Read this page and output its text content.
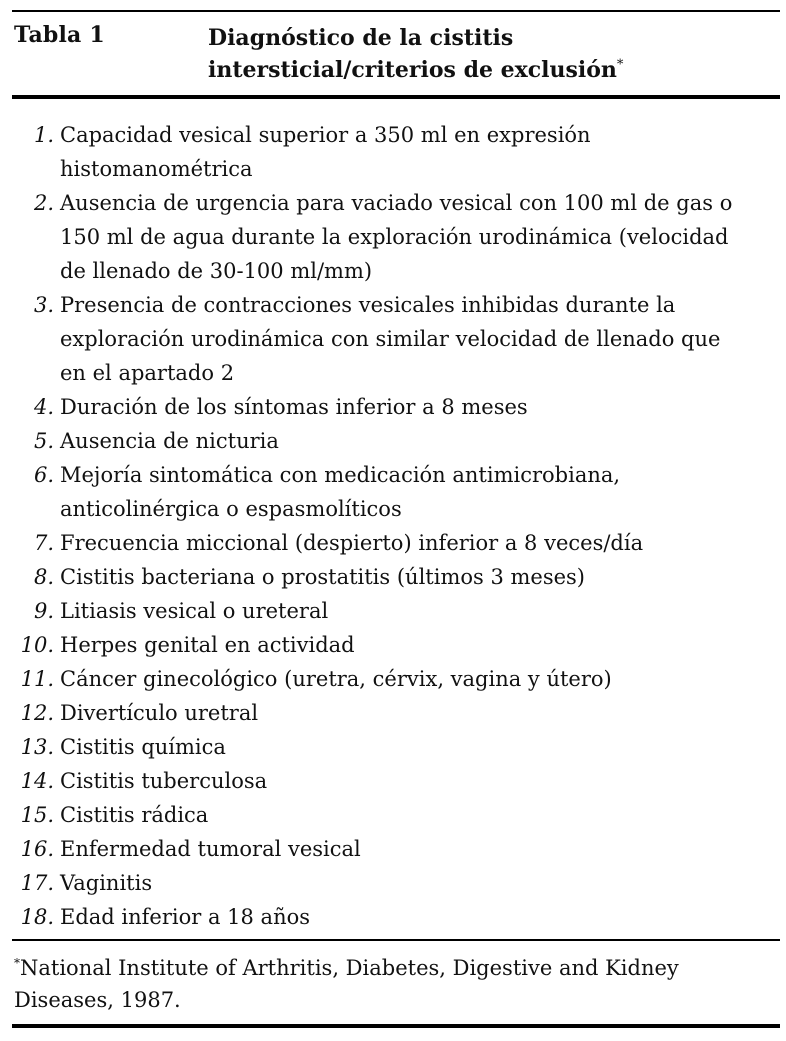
Tabla 1	Diagnóstico de la cistitis
intersticial/criterios de exclusión*
1. Capacidad vesical superior a 350 ml en expresión histomanométrica
2. Ausencia de urgencia para vaciado vesical con 100 ml de gas o 150 ml de agua durante la exploración urodinámica (velocidad de llenado de 30-100 ml/mm)
3. Presencia de contracciones vesicales inhibidas durante la exploración urodinámica con similar velocidad de llenado que en el apartado 2
4. Duración de los síntomas inferior a 8 meses
5. Ausencia de nicturia
6. Mejoría sintomática con medicación antimicrobiana, anticolinérgica o espasmolíticos
7. Frecuencia miccional (despierto) inferior a 8 veces/día
8. Cistitis bacteriana o prostatitis (últimos 3 meses)
9. Litiasis vesical o ureteral
10. Herpes genital en actividad
11. Cáncer ginecológico (uretra, cérvix, vagina y útero)
12. Divertículo uretral
13. Cistitis química
14. Cistitis tuberculosa
15. Cistitis rádica
16. Enfermedad tumoral vesical
17. Vaginitis
18. Edad inferior a 18 años
*National Institute of Arthritis, Diabetes, Digestive and Kidney Diseases, 1987.
